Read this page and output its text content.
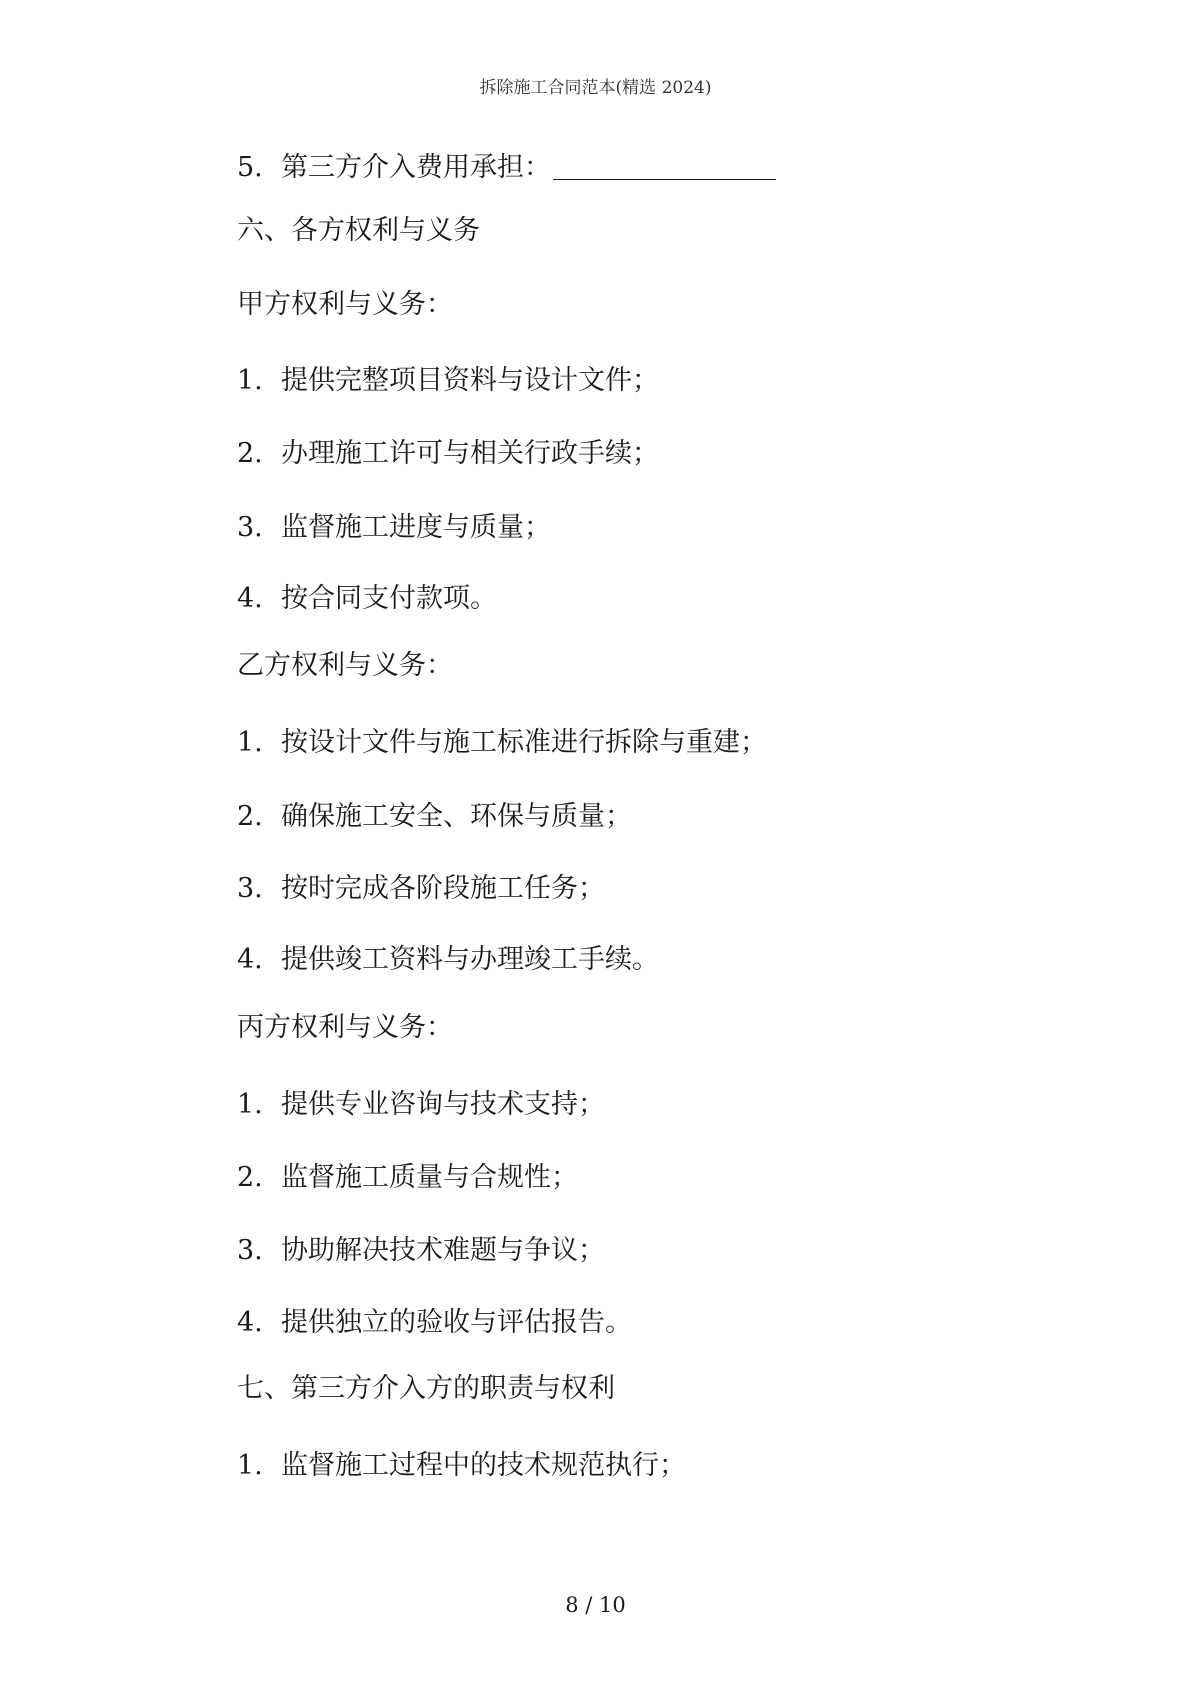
拆除施工合同范本(精选 2024)
5. 第三方介入费用承担：
六、各方权利与义务
甲方权利与义务：
1. 提供完整项目资料与设计文件；
2. 办理施工许可与相关行政手续；
3. 监督施工进度与质量；
4. 按合同支付款项。
乙方权利与义务：
1. 按设计文件与施工标准进行拆除与重建；
2. 确保施工安全、环保与质量；
3. 按时完成各阶段施工任务；
4. 提供竣工资料与办理竣工手续。
丙方权利与义务：
1. 提供专业咨询与技术支持；
2. 监督施工质量与合规性；
3. 协助解决技术难题与争议；
4. 提供独立的验收与评估报告。
七、第三方介入方的职责与权利
1. 监督施工过程中的技术规范执行；
8 / 10
